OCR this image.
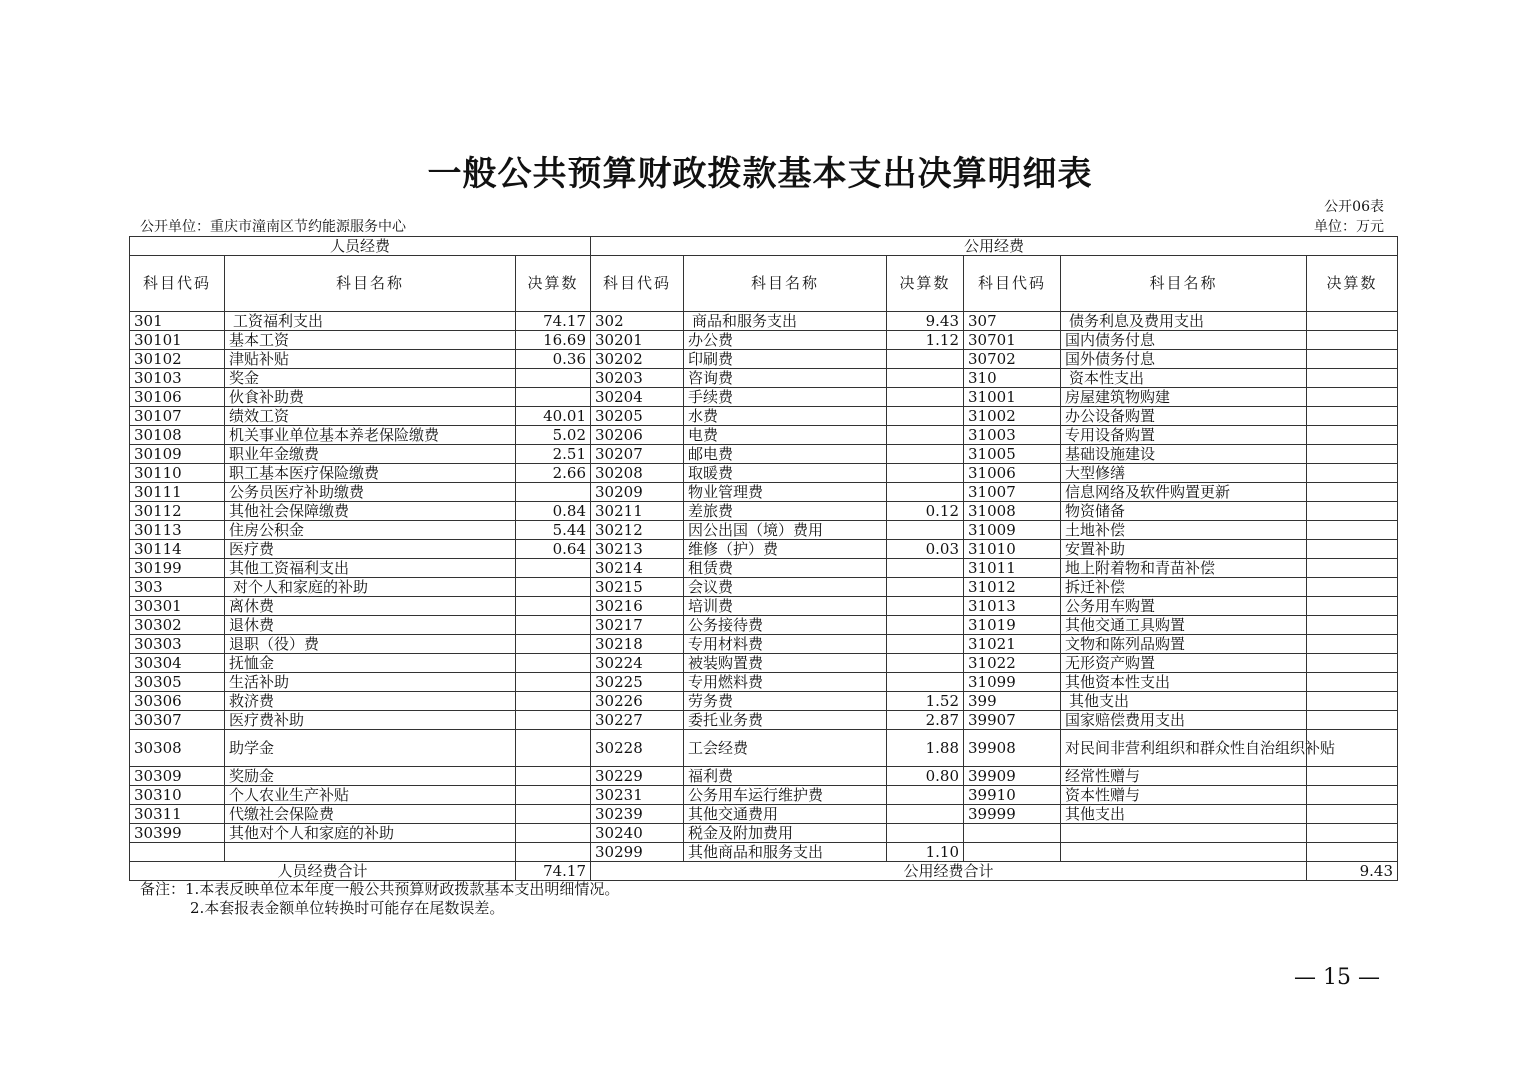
一般公共预算财政拨款基本支出决算明细表
公开06表
公开单位：重庆市潼南区节约能源服务中心	单位：万元
人员经费			公用经费					
科目代码	科目名称	决算数	科目代码	科目名称	决算数	科目代码	科目名称	决算数
301	工资福利支出	74.17	302	商品和服务支出	9.43	307	债务利息及费用支出	
30101	基本工资	16.69	30201	办公费	1.12	30701	国内债务付息	
30102	津贴补贴	0.36	30202	印刷费		30702	国外债务付息	
30103	奖金		30203	咨询费		310	资本性支出	
30106	伙食补助费		30204	手续费		31001	房屋建筑物购建	
30107	绩效工资	40.01	30205	水费		31002	办公设备购置	
30108	机关事业单位基本养老保险缴费	5.02	30206	电费		31003	专用设备购置	
30109	职业年金缴费	2.51	30207	邮电费		31005	基础设施建设	
30110	职工基本医疗保险缴费	2.66	30208	取暖费		31006	大型修缮	
30111	公务员医疗补助缴费		30209	物业管理费		31007	信息网络及软件购置更新	
30112	其他社会保障缴费	0.84	30211	差旅费	0.12	31008	物资储备	
30113	住房公积金	5.44	30212	因公出国（境）费用		31009	土地补偿	
30114	医疗费	0.64	30213	维修（护）费	0.03	31010	安置补助	
30199	其他工资福利支出		30214	租赁费		31011	地上附着物和青苗补偿	
303	对个人和家庭的补助		30215	会议费		31012	拆迁补偿	
30301	离休费		30216	培训费		31013	公务用车购置	
30302	退休费		30217	公务接待费		31019	其他交通工具购置	
30303	退职（役）费		30218	专用材料费		31021	文物和陈列品购置	
30304	抚恤金		30224	被装购置费		31022	无形资产购置	
30305	生活补助		30225	专用燃料费		31099	其他资本性支出	
30306	救济费		30226	劳务费	1.52	399	其他支出	
30307	医疗费补助		30227	委托业务费	2.87	39907	国家赔偿费用支出	
30308	助学金		30228	工会经费	1.88	39908	对民间非营利组织和群众性自治组织补贴	
30309	奖励金		30229	福利费	0.80	39909	经常性赠与	
30310	个人农业生产补贴		30231	公务用车运行维护费		39910	资本性赠与	
30311	代缴社会保险费		30239	其他交通费用		39999	其他支出	
30399	其他对个人和家庭的补助		30240	税金及附加费用				
			30299	其他商品和服务支出	1.10			
人员经费合计		74.17	公用经费合计					9.43
备注：1.本表反映单位本年度一般公共预算财政拨款基本支出明细情况。
2.本套报表金额单位转换时可能存在尾数误差。
— 15 —
